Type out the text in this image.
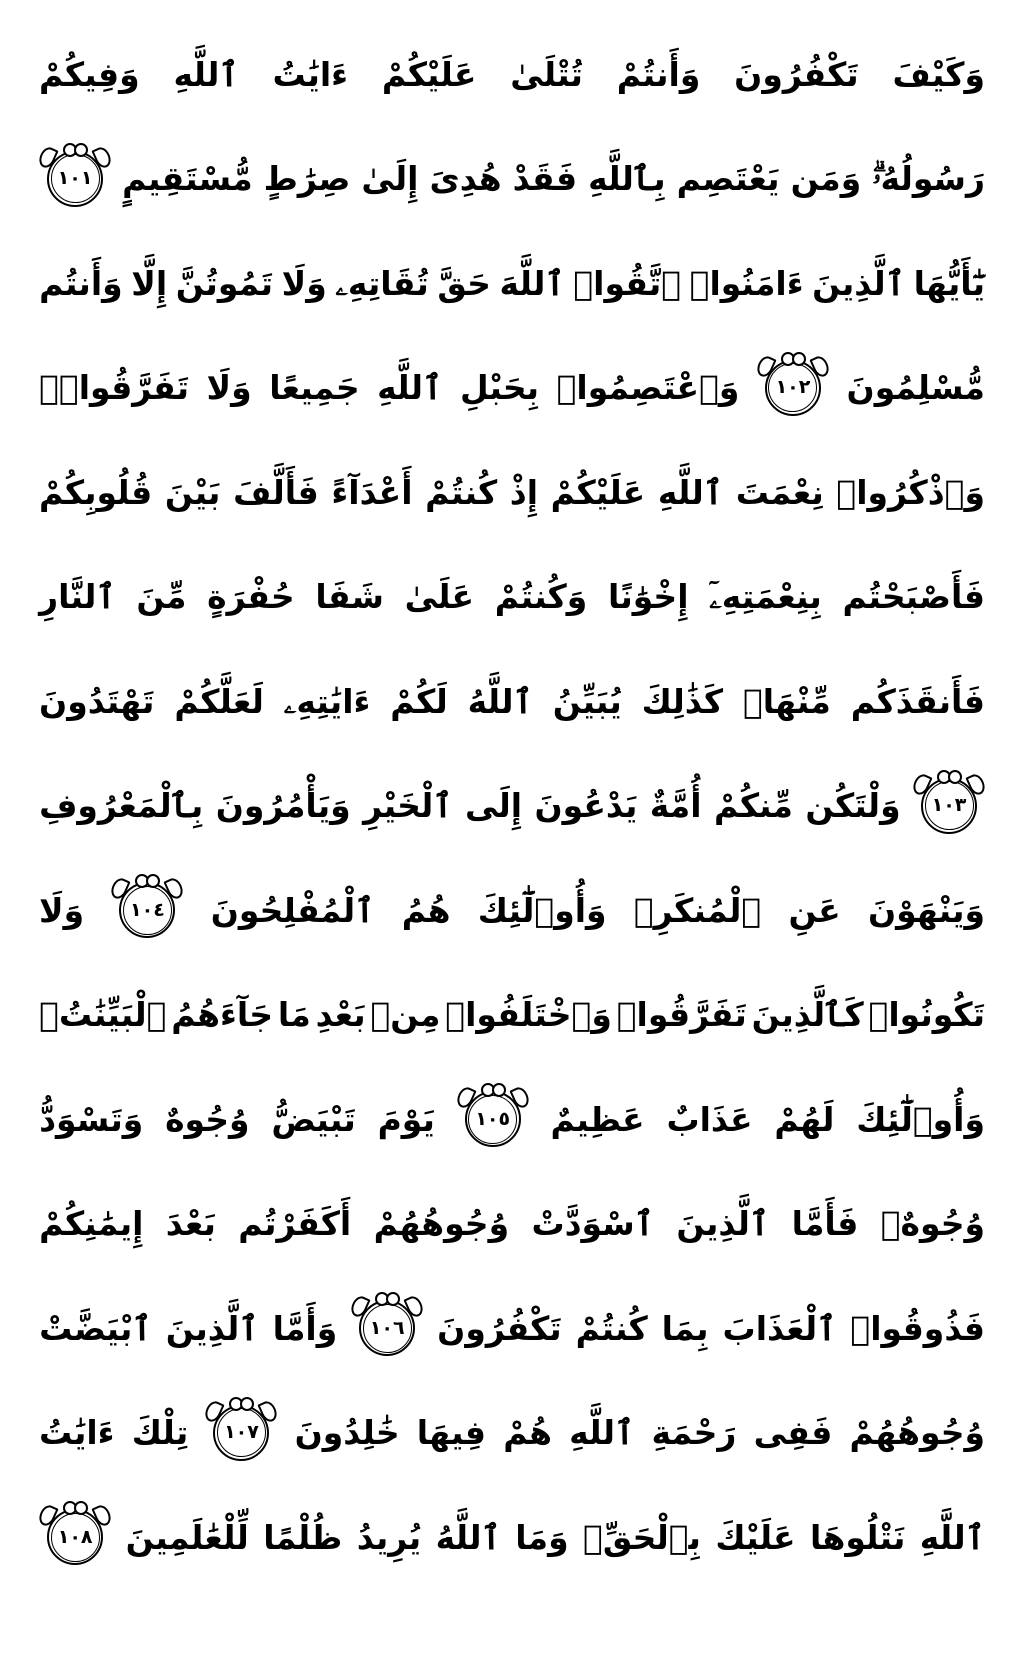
وَكَيْفَ
تَكْفُرُونَ
وَأَنتُمْ
تُتْلَىٰ
عَلَيْكُمْ
ءَايَٰتُ
ٱللَّهِ
وَفِيكُمْ
رَسُولُهُۥۗ
وَمَن
يَعْتَصِم
بِٱللَّهِ
فَقَدْ
هُدِىَ
إِلَىٰ
صِرَٰطٍ
مُّسْتَقِيمٍ
١٠١
يَٰٓأَيُّهَا
ٱلَّذِينَ
ءَامَنُوا۟
ٱتَّقُوا۟
ٱللَّهَ
حَقَّ
تُقَاتِهِۦ
وَلَا
تَمُوتُنَّ
إِلَّا
وَأَنتُم
مُّسْلِمُونَ
١٠٢
وَٱعْتَصِمُوا۟
بِحَبْلِ
ٱللَّهِ
جَمِيعًا
وَلَا
تَفَرَّقُوا۟ۚ
وَٱذْكُرُوا۟
نِعْمَتَ
ٱللَّهِ
عَلَيْكُمْ
إِذْ
كُنتُمْ
أَعْدَآءً
فَأَلَّفَ
بَيْنَ
قُلُوبِكُمْ
فَأَصْبَحْتُم
بِنِعْمَتِهِۦٓ
إِخْوَٰنًا
وَكُنتُمْ
عَلَىٰ
شَفَا
حُفْرَةٍ
مِّنَ
ٱلنَّارِ
فَأَنقَذَكُم
مِّنْهَاۗ
كَذَٰلِكَ
يُبَيِّنُ
ٱللَّهُ
لَكُمْ
ءَايَٰتِهِۦ
لَعَلَّكُمْ
تَهْتَدُونَ
١٠٣
وَلْتَكُن
مِّنكُمْ
أُمَّةٌ
يَدْعُونَ
إِلَى
ٱلْخَيْرِ
وَيَأْمُرُونَ
بِٱلْمَعْرُوفِ
وَيَنْهَوْنَ
عَنِ
ٱلْمُنكَرِۚ
وَأُو۟لَٰٓئِكَ
هُمُ
ٱلْمُفْلِحُونَ
١٠٤
وَلَا
تَكُونُوا۟
كَٱلَّذِينَ
تَفَرَّقُوا۟
وَٱخْتَلَفُوا۟
مِنۢ
بَعْدِ
مَا
جَآءَهُمُ
ٱلْبَيِّنَٰتُۚ
وَأُو۟لَٰٓئِكَ
لَهُمْ
عَذَابٌ
عَظِيمٌ
١٠٥
يَوْمَ
تَبْيَضُّ
وُجُوهٌ
وَتَسْوَدُّ
وُجُوهٌۚ
فَأَمَّا
ٱلَّذِينَ
ٱسْوَدَّتْ
وُجُوهُهُمْ
أَكَفَرْتُم
بَعْدَ
إِيمَٰنِكُمْ
فَذُوقُوا۟
ٱلْعَذَابَ
بِمَا
كُنتُمْ
تَكْفُرُونَ
١٠٦
وَأَمَّا
ٱلَّذِينَ
ٱبْيَضَّتْ
وُجُوهُهُمْ
فَفِى
رَحْمَةِ
ٱللَّهِ
هُمْ
فِيهَا
خَٰلِدُونَ
١٠٧
تِلْكَ
ءَايَٰتُ
ٱللَّهِ
نَتْلُوهَا
عَلَيْكَ
بِٱلْحَقِّۗ
وَمَا
ٱللَّهُ
يُرِيدُ
ظُلْمًا
لِّلْعَٰلَمِينَ
١٠٨
